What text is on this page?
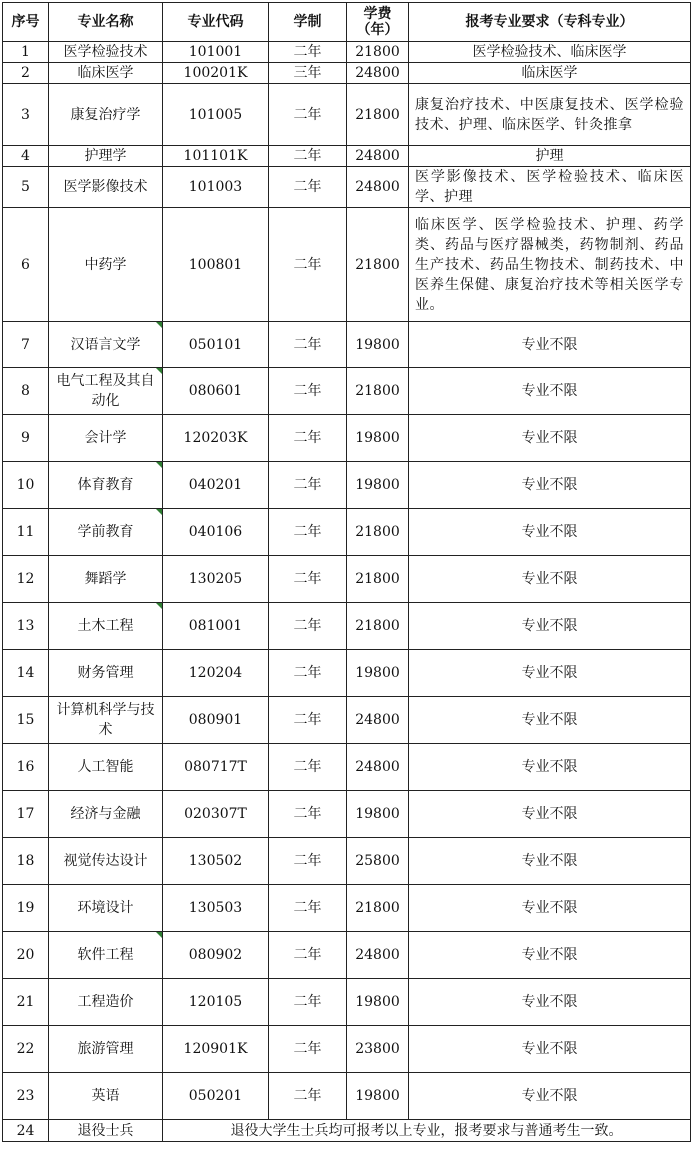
序号	专业名称	专业代码	学制	学费（年）	报考专业要求（专科专业）
1	医学检验技术	101001	二年	21800	医学检验技术、临床医学
2	临床医学	100201K	三年	24800	临床医学
3	康复治疗学	101005	二年	21800	康复治疗技术、中医康复技术、医学检验技术、护理、临床医学、针灸推拿
4	护理学	101101K	二年	24800	护理
5	医学影像技术	101003	二年	24800	医学影像技术、医学检验技术、临床医学、护理
6	中药学	100801	二年	21800	临床医学、医学检验技术、护理、药学类、药品与医疗器械类，药物制剂、药品生产技术、药品生物技术、制药技术、中医养生保健、康复治疗技术等相关医学专业。
7	汉语言文学	050101	二年	19800	专业不限
8	电气工程及其自动化	080601	二年	21800	专业不限
9	会计学	120203K	二年	19800	专业不限
10	体育教育	040201	二年	19800	专业不限
11	学前教育	040106	二年	21800	专业不限
12	舞蹈学	130205	二年	21800	专业不限
13	土木工程	081001	二年	21800	专业不限
14	财务管理	120204	二年	19800	专业不限
15	计算机科学与技术	080901	二年	24800	专业不限
16	人工智能	080717T	二年	24800	专业不限
17	经济与金融	020307T	二年	19800	专业不限
18	视觉传达设计	130502	二年	25800	专业不限
19	环境设计	130503	二年	21800	专业不限
20	软件工程	080902	二年	24800	专业不限
21	工程造价	120105	二年	19800	专业不限
22	旅游管理	120901K	二年	23800	专业不限
23	英语	050201	二年	19800	专业不限
24	退役士兵	退役大学生士兵均可报考以上专业，报考要求与普通考生一致。			
